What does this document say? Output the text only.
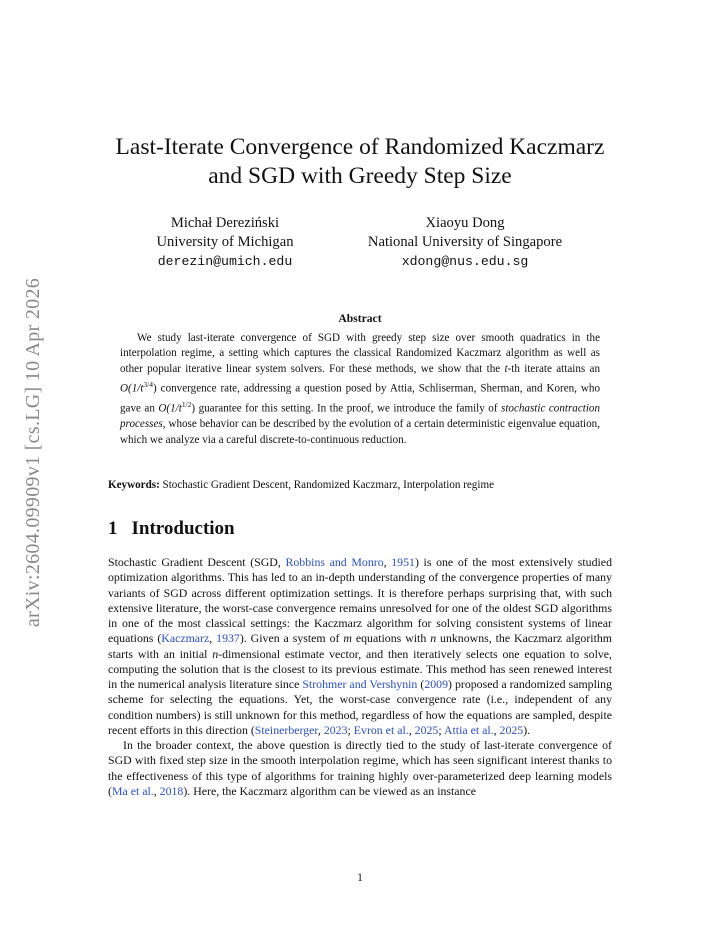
arXiv:2604.09909v1 [cs.LG] 10 Apr 2026
Last-Iterate Convergence of Randomized Kaczmarz
and SGD with Greedy Step Size
Michał Dereziński
University of Michigan
derezin@umich.edu
Xiaoyu Dong
National University of Singapore
xdong@nus.edu.sg
Abstract
We study last-iterate convergence of SGD with greedy step size over smooth quadratics in the interpolation regime, a setting which captures the classical Randomized Kaczmarz algorithm as well as other popular iterative linear system solvers. For these methods, we show that the t-th iterate attains an $O(1/t^{3/4})$ convergence rate, addressing a question posed by Attia, Schliserman, Sherman, and Koren, who gave an $O(1/t^{1/2})$ guarantee for this setting. In the proof, we introduce the family of stochastic contraction processes, whose behavior can be described by the evolution of a certain deterministic eigenvalue equation, which we analyze via a careful discrete-to-continuous reduction.
Keywords: Stochastic Gradient Descent, Randomized Kaczmarz, Interpolation regime
1 Introduction

Stochastic Gradient Descent (SGD, Robbins and Monro, 1951) is one of the most extensively studied optimization algorithms. This has led to an in-depth understanding of the convergence properties of many variants of SGD across different optimization settings. It is therefore perhaps surprising that, with such extensive literature, the worst-case convergence remains unresolved for one of the oldest SGD algorithms in one of the most classical settings: the Kaczmarz algorithm for solving consistent systems of linear equations (Kaczmarz, 1937). Given a system of m equations with n unknowns, the Kaczmarz algorithm starts with an initial n-dimensional estimate vector, and then iteratively selects one equation to solve, computing the solution that is the closest to its previous estimate. This method has seen renewed interest in the numerical analysis literature since Strohmer and Vershynin (2009) proposed a randomized sampling scheme for selecting the equations. Yet, the worst-case convergence rate (i.e., independent of any condition numbers) is still unknown for this method, regardless of how the equations are sampled, despite recent efforts in this direction (Steinerberger, 2023; Evron et al., 2025; Attia et al., 2025).

In the broader context, the above question is directly tied to the study of last-iterate convergence of SGD with fixed step size in the smooth interpolation regime, which has seen significant interest thanks to the effectiveness of this type of algorithms for training highly over-parameterized deep learning models (Ma et al., 2018). Here, the Kaczmarz algorithm can be viewed as an instance

1
